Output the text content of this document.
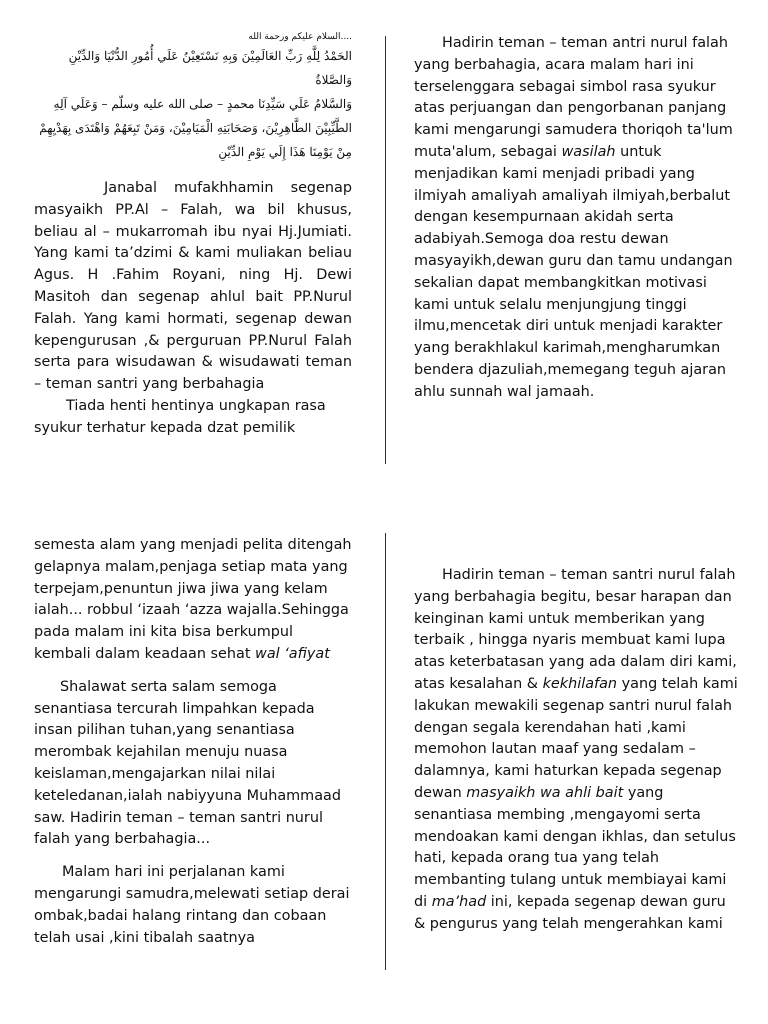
....السلام عليكم ورحمة الله
الحَمْدُ لِلَّهِ رَبِّ العَالَمِيْنَ وَبِهِ نَسْتَعِيْنُ عَلَي أُمُورِ الدُّنْيَا وَالدِّيْنِ وَالصَّلاةُ
وَالسَّلامُ عَلَي سَيِّدِنَا محمدٍ – صلى الله عليه وسلّم – وَعَلَي آلِهِ
الطَّيِّبِيْنَ الطَّاهِرِيْنَ، وَصَحَابَتِهِ الْمَيَامِيْنَ، وَمَنْ تَبِعَهُمْ وَاهْتَدَى بِهَدْيِهِمْ
مِنْ يَوْمِنَا هَذَا إِلَي يَوْمِ الدِّيْنِ

Janabal mufakhhamin segenap masyaikh PP.Al – Falah, wa bil khusus, beliau al – mukarromah ibu nyai Hj.Jumiati. Yang kami ta’dzimi & kami muliakan beliau Agus. H .Fahim Royani, ning Hj. Dewi Masitoh dan segenap ahlul bait PP.Nurul Falah. Yang kami hormati, segenap dewan kepengurusan ,& perguruan PP.Nurul Falah serta para wisudawan & wisudawati teman – teman santri yang berbahagia

Tiada henti hentinya ungkapan rasa syukur terhatur kepada dzat pemilik

Hadirin teman – teman antri nurul falah yang berbahagia, acara malam hari ini terselenggara sebagai simbol rasa syukur atas perjuangan dan pengorbanan panjang kami mengarungi samudera thoriqoh ta'lum muta'alum, sebagai wasilah untuk menjadikan kami menjadi pribadi yang ilmiyah amaliyah amaliyah ilmiyah,berbalut dengan kesempurnaan akidah serta adabiyah.Semoga doa restu dewan masyayikh,dewan guru dan tamu undangan sekalian dapat membangkitkan motivasi kami untuk selalu menjungjung tinggi ilmu,mencetak diri untuk menjadi karakter yang berakhlakul karimah,mengharumkan bendera djazuliah,memegang teguh ajaran ahlu sunnah wal jamaah.

semesta alam yang menjadi pelita ditengah gelapnya malam,penjaga setiap mata yang terpejam,penuntun jiwa jiwa yang kelam ialah... robbul ‘izaah ‘azza wajalla.Sehingga pada malam ini kita bisa berkumpul kembali dalam keadaan sehat wal ‘afiyat

Shalawat serta salam semoga senantiasa tercurah limpahkan kepada insan pilihan tuhan,yang senantiasa merombak kejahilan menuju nuasa keislaman,mengajarkan nilai nilai keteledanan,ialah nabiyyuna Muhammaad saw. Hadirin teman – teman santri nurul falah yang berbahagia...

Malam hari ini perjalanan kami mengarungi samudra,melewati setiap derai ombak,badai halang rintang dan cobaan telah usai ,kini tibalah saatnya

Hadirin teman – teman santri nurul falah yang berbahagia begitu, besar harapan dan keinginan kami untuk memberikan yang terbaik , hingga nyaris membuat kami lupa atas keterbatasan yang ada dalam diri kami, atas kesalahan & kekhilafan yang telah kami lakukan mewakili segenap santri nurul falah dengan segala kerendahan hati ,kami memohon lautan maaf yang sedalam – dalamnya, kami haturkan kepada segenap dewan masyaikh wa ahli bait yang senantiasa membing ,mengayomi serta mendoakan kami dengan ikhlas, dan setulus hati, kepada orang tua yang telah membanting tulang untuk membiayai kami di ma’had ini, kepada segenap dewan guru & pengurus yang telah mengerahkan kami
